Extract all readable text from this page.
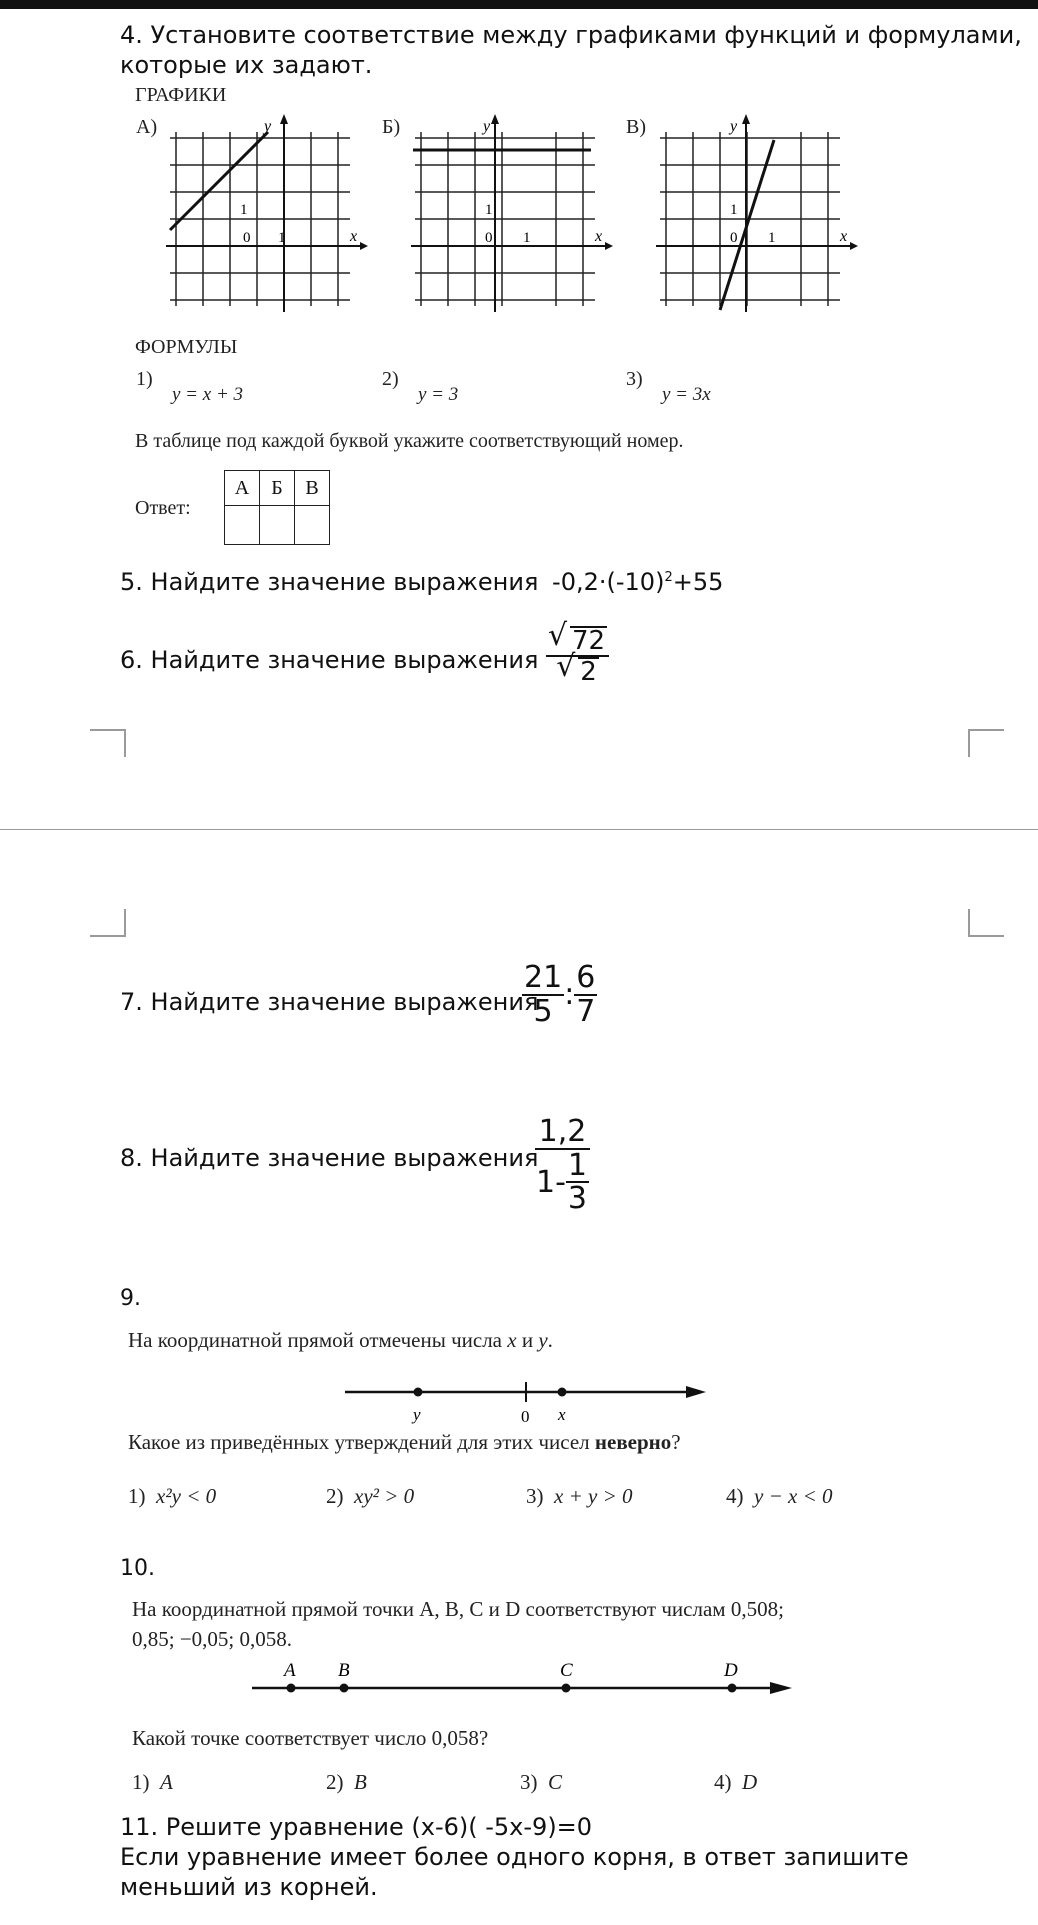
4. Установите соответствие между графиками функций и формулами,
которые их задают.
ГРАФИКИ
А)	Б)	В)
y
x
1
0 1
y
x
1
0 1
y
x
1
0 1
ФОРМУЛЫ
1)
y = x + 3
2)
y = 3
3)
y = 3x
В таблице под каждой буквой укажите соответствующий номер.
Ответ:
А	Б	В

5. Найдите значение выражения $-0,2\cdot(-10)^2+55$
6. Найдите значение выражения $\frac{√ 72}{√ 2}$
7. Найдите значение выражения
$\frac{21}{5}$ : $\frac{6}{7}$
8. Найдите значение выражения
$\frac{1,2}{1- \frac{1}{3}}$
9.
На координатной прямой отмечены числа x и y.
y	0 x
Какое из приведённых утверждений для этих чисел неверно?
1) x²y < 0	2) xy² > 0	3) x + y > 0	4) y − x < 0
10.
На координатной прямой точки A, B, C и D соответствуют числам 0,508;
0,85; −0,05; 0,058.
A B	C	D
Какой точке соответствует число 0,058?
1) A	2) B	3) C	4) D
11. Решите уравнение (x-6)( -5x-9)=0
Если уравнение имеет более одного корня, в ответ запишите
меньший из корней.
